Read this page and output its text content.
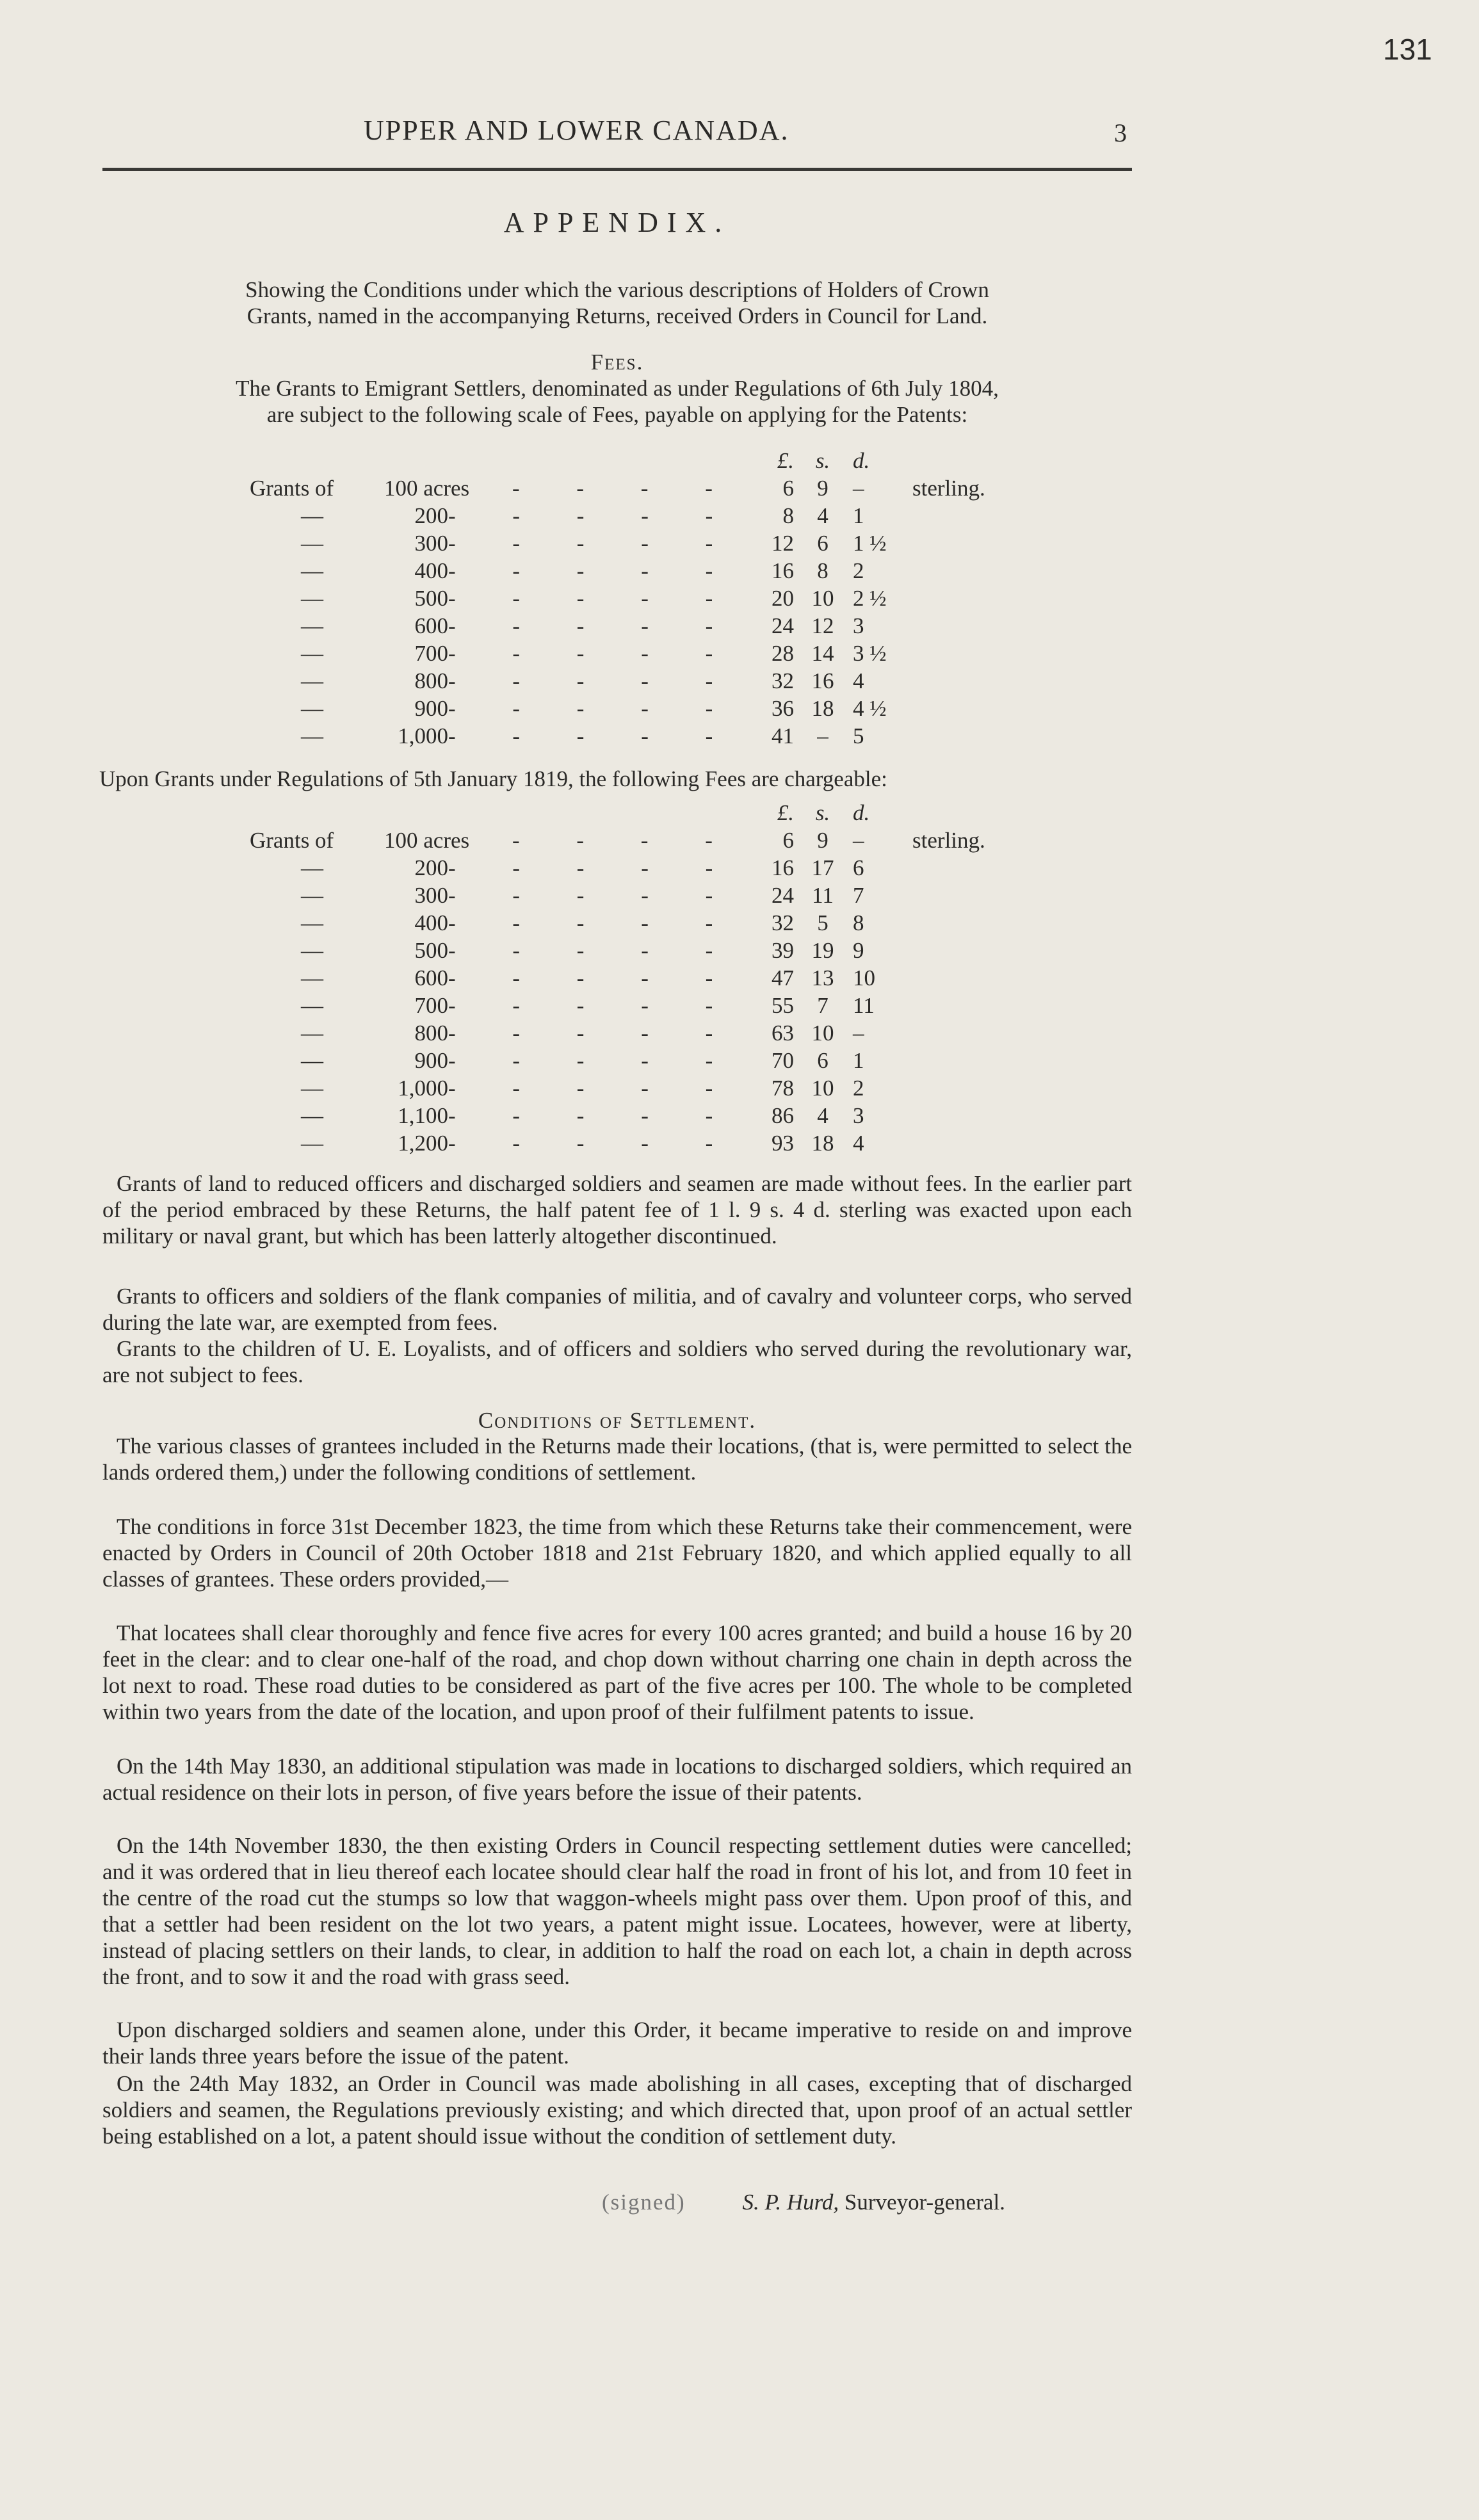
131
UPPER AND LOWER CANADA.	3
APPENDIX.
Showing the Conditions under which the various descriptions of Holders of Crown
Grants, named in the accompanying Returns, received Orders in Council for Land.
Fees.
The Grants to Emigrant Settlers, denominated as under Regulations of 6th July 1804,
are subject to the following scale of Fees, payable on applying for the Patents:
£. s.	d.
Grants of 100 acres	6	9	–	sterling.
- - - -
—	200	8	4	1
- - - - -
—	300	12	6	1 ½
- - - - -
—	400	16	8	2
- - - - -
—	500	20 10 2 ½
- - - - -
—	600	24 12 3
- - - - -
—	700	28 14 3 ½
- - - - -
—	800	32 16 4
- - - - -
—	900	36 18 4 ½
- - - - -
—	1,000	41	–	5
- - - - -
Upon Grants under Regulations of 5th January 1819, the following Fees are chargeable:
£. s.	d.
Grants of 100 acres	6	9	–	sterling.
- - - -
—	200	16 17 6
- - - - -
—	300	24 11 7
- - - - -
—	400	32	5	8
- - - - -
—	500	39 19 9
- - - - -
—	600	47 13 10
- - - - -
—	700	55	7	11
- - - - -
—	800	63 10 –
- - - - -
—	900	70	6	1
- - - - -
—	1,000	78 10 2
- - - - -
—	1,100	86	4	3
- - - - -
—	1,200	93 18 4
- - - - -
Grants of land to reduced officers and discharged soldiers and seamen are made without fees. In the earlier part of the period embraced by these Returns, the half patent fee of 1 l. 9 s. 4 d. sterling was exacted upon each military or naval grant, but which has been latterly altogether discontinued.
Grants to officers and soldiers of the flank companies of militia, and of cavalry and volunteer corps, who served during the late war, are exempted from fees.
Grants to the children of U. E. Loyalists, and of officers and soldiers who served during the revolutionary war, are not subject to fees.
Conditions of Settlement.
The various classes of grantees included in the Returns made their locations, (that is, were permitted to select the lands ordered them,) under the following conditions of settlement.
The conditions in force 31st December 1823, the time from which these Returns take their commencement, were enacted by Orders in Council of 20th October 1818 and 21st February 1820, and which applied equally to all classes of grantees. These orders provided,—
That locatees shall clear thoroughly and fence five acres for every 100 acres granted; and build a house 16 by 20 feet in the clear: and to clear one-half of the road, and chop down without charring one chain in depth across the lot next to road. These road duties to be considered as part of the five acres per 100. The whole to be completed within two years from the date of the location, and upon proof of their fulfilment patents to issue.
On the 14th May 1830, an additional stipulation was made in locations to discharged soldiers, which required an actual residence on their lots in person, of five years before the issue of their patents.
On the 14th November 1830, the then existing Orders in Council respecting settlement duties were cancelled; and it was ordered that in lieu thereof each locatee should clear half the road in front of his lot, and from 10 feet in the centre of the road cut the stumps so low that waggon-wheels might pass over them. Upon proof of this, and that a settler had been resident on the lot two years, a patent might issue. Locatees, however, were at liberty, instead of placing settlers on their lands, to clear, in addition to half the road on each lot, a chain in depth across the front, and to sow it and the road with grass seed.
Upon discharged soldiers and seamen alone, under this Order, it became imperative to reside on and improve their lands three years before the issue of the patent.
On the 24th May 1832, an Order in Council was made abolishing in all cases, excepting that of discharged soldiers and seamen, the Regulations previously existing; and which directed that, upon proof of an actual settler being established on a lot, a patent should issue without the condition of settlement duty.
(signed)	S. P. Hurd, Surveyor-general.
